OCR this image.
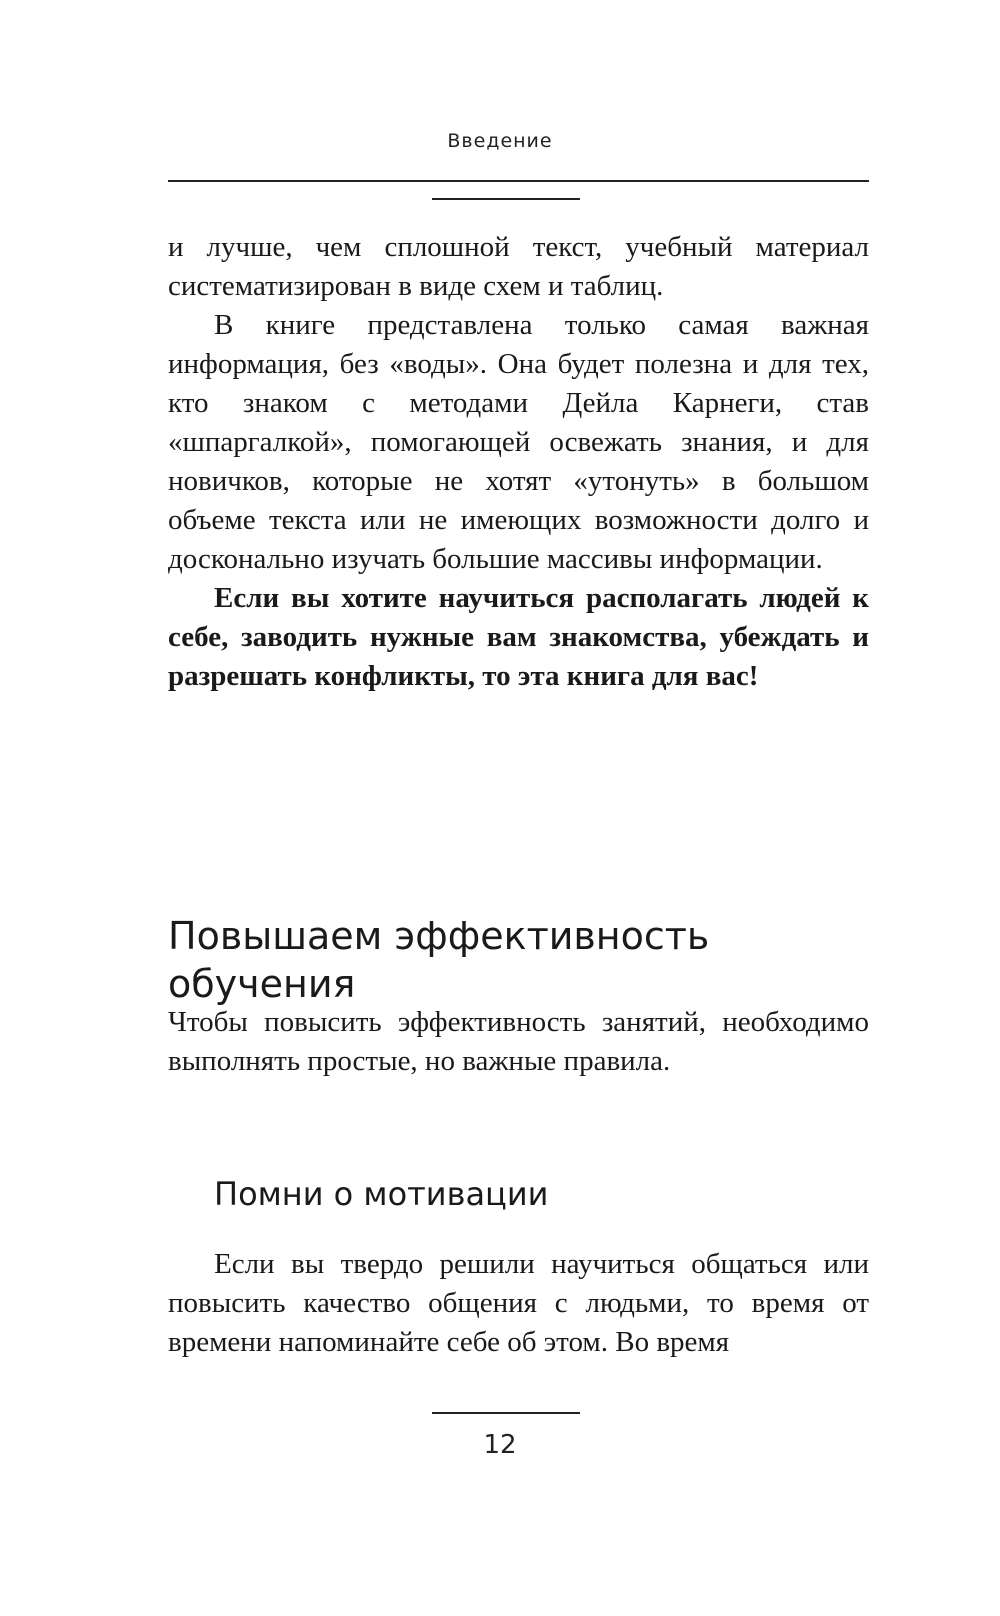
Введение

и лучше, чем сплошной текст, учебный материал систематизирован в виде схем и таблиц.

В книге представлена только самая важная информация, без «воды». Она будет полезна и для тех, кто знаком с методами Дейла Карнеги, став «шпаргалкой», помогающей освежать знания, и для новичков, которые не хотят «утонуть» в большом объеме текста или не имеющих возможности долго и досконально изучать большие массивы информации.

Если вы хотите научиться располагать людей к себе, заводить нужные вам знакомства, убеждать и разрешать конфликты, то эта книга для вас!

Повышаем эффективность обучения

Чтобы повысить эффективность занятий, необходимо выполнять простые, но важные правила.

Помни о мотивации

Если вы твердо решили научиться общаться или повысить качество общения с людьми, то время от времени напоминайте себе об этом. Во время

12
